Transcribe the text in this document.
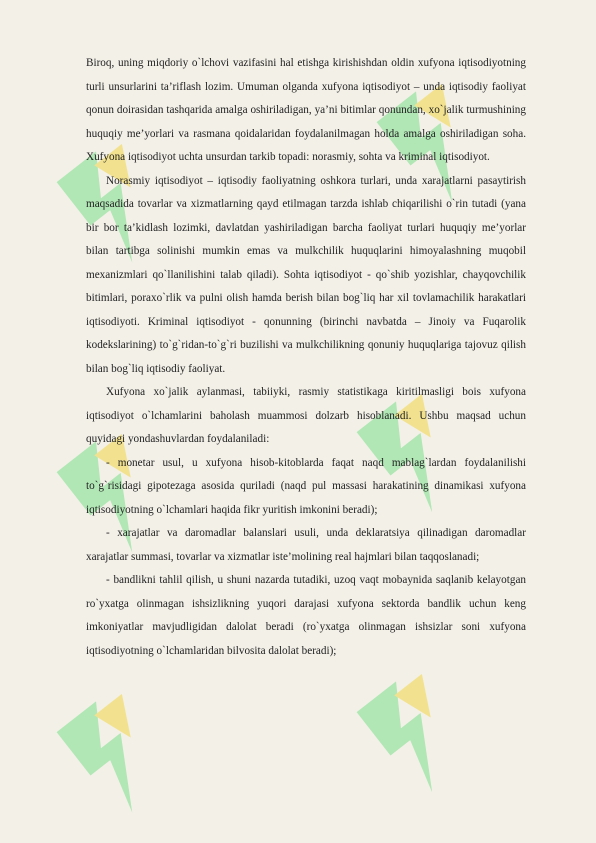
Biroq, uning miqdoriy o`lchovi vazifasini hal etishga kirishishdan oldin xufyona iqtisodiyotning turli unsurlarini ta’riflash lozim. Umuman olganda xufyona iqtisodiyot – unda iqtisodiy faoliyat qonun doirasidan tashqarida amalga oshiriladigan, ya’ni bitimlar qonundan, xo`jalik turmushining huquqiy me’yorlari va rasmana qoidalaridan foydalanilmagan holda amalga oshiriladigan soha. Xufyona iqtisodiyot uchta unsurdan tarkib topadi: norasmiy, sohta va kriminal iqtisodiyot.

Norasmiy iqtisodiyot – iqtisodiy faoliyatning oshkora turlari, unda xarajatlarni pasaytirish maqsadida tovarlar va xizmatlarning qayd etilmagan tarzda ishlab chiqarilishi o`rin tutadi (yana bir bor ta’kidlash lozimki, davlatdan yashiriladigan barcha faoliyat turlari huquqiy me’yorlar bilan tartibga solinishi mumkin emas va mulkchilik huquqlarini himoyalashning muqobil mexanizmlari qo`llanilishini talab qiladi). Sohta iqtisodiyot - qo`shib yozishlar, chayqovchilik bitimlari, poraxo`rlik va pulni olish hamda berish bilan bog`liq har xil tovlamachilik harakatlari iqtisodiyoti. Kriminal iqtisodiyot - qonunning (birinchi navbatda – Jinoiy va Fuqarolik kodekslarining) to`g`ridan-to`g`ri buzilishi va mulkchilikning qonuniy huquqlariga tajovuz qilish bilan bog`liq iqtisodiy faoliyat.

Xufyona xo`jalik aylanmasi, tabiiyki, rasmiy statistikaga kiritilmasligi bois xufyona iqtisodiyot o`lchamlarini baholash muammosi dolzarb hisoblanadi. Ushbu maqsad uchun quyidagi yondashuvlardan foydalaniladi:

- monetar usul, u xufyona hisob-kitoblarda faqat naqd mablag`lardan foydalanilishi to`g`risidagi gipotezaga asosida quriladi (naqd pul massasi harakatining dinamikasi xufyona iqtisodiyotning o`lchamlari haqida fikr yuritish imkonini beradi);

- xarajatlar va daromadlar balanslari usuli, unda deklaratsiya qilinadigan daromadlar xarajatlar summasi, tovarlar va xizmatlar iste’molining real hajmlari bilan taqqoslanadi;

- bandlikni tahlil qilish, u shuni nazarda tutadiki, uzoq vaqt mobaynida saqlanib kelayotgan ro`yxatga olinmagan ishsizlikning yuqori darajasi xufyona sektorda bandlik uchun keng imkoniyatlar mavjudligidan dalolat beradi (ro`yxatga olinmagan ishsizlar soni xufyona iqtisodiyotning o`lchamlaridan bilvosita dalolat beradi);
